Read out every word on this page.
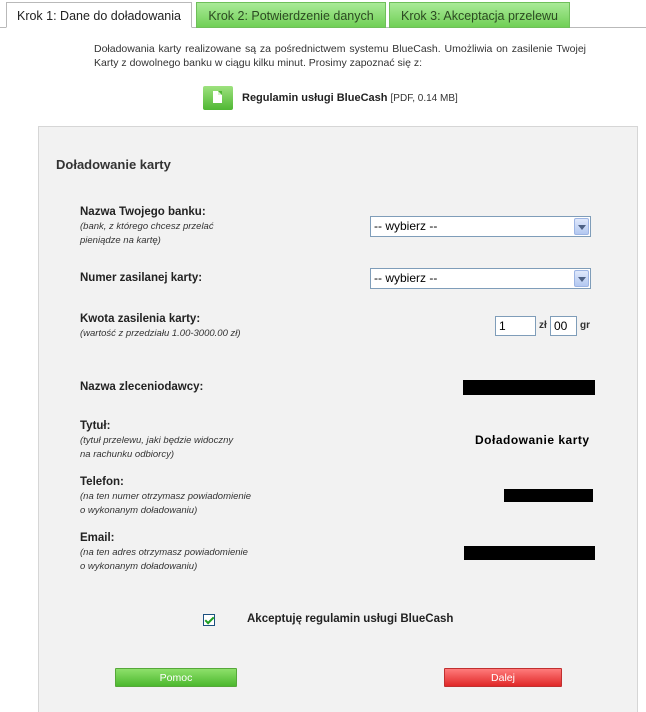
Krok 1: Dane do doładowania	Krok 2: Potwierdzenie danych	Krok 3: Akceptacja przelewu
Doładowania karty realizowane są za pośrednictwem systemu BlueCash. Umożliwia on zasilenie Twojej Karty z dowolnego banku w ciągu kilku minut. Prosimy zapoznać się z:
Regulamin usługi BlueCash [PDF, 0.14 MB]
Doładowanie karty
Nazwa Twojego banku:
(bank, z którego chcesz przelać
pieniądze na kartę)
-- wybierz --
Numer zasilanej karty:	-- wybierz --
Kwota zasilenia karty:
(wartość z przedziału 1.00-3000.00 zł)
1	zł 00	gr
Nazwa zleceniodawcy:
Tytuł:
(tytuł przelewu, jaki będzie widoczny
na rachunku odbiorcy)
Doładowanie karty
Telefon:
(na ten numer otrzymasz powiadomienie
o wykonanym doładowaniu)
Email:
(na ten adres otrzymasz powiadomienie
o wykonanym doładowaniu)
Akceptuję regulamin usługi BlueCash
Pomoc	Dalej
